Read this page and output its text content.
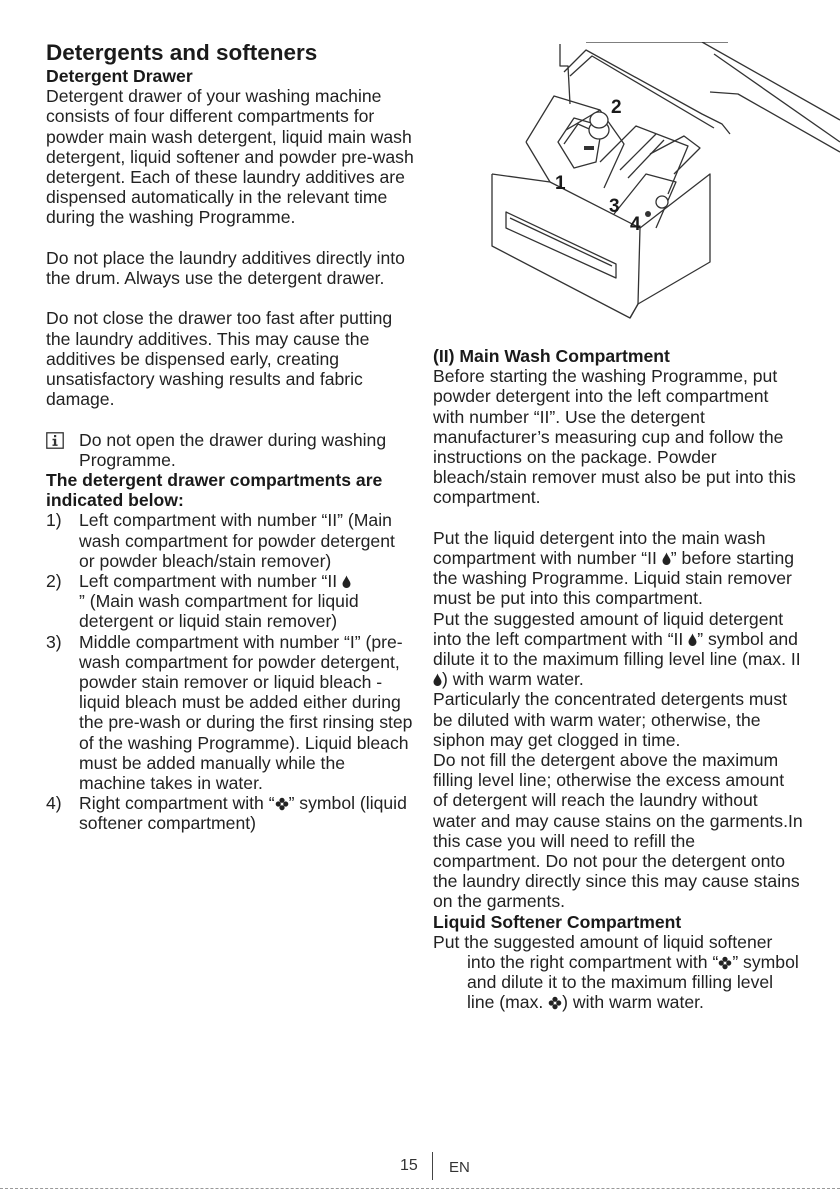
Detergents and softeners
Detergent Drawer

Detergent drawer of your washing machine consists of four different compartments for powder main wash detergent, liquid main wash detergent, liquid softener and powder pre-wash detergent. Each of these laundry additives are dispensed automatically in the relevant time during the washing Programme.

Do not place the laundry additives directly into the drum. Always use the detergent drawer.

Do not close the drawer too fast after putting the laundry additives. This may cause the additives be dispensed early, creating unsatisfactory washing results and fabric damage.

Do not open the drawer during washing Programme.
The detergent drawer compartments are indicated below:
1) Left compartment with number “II” (Main wash compartment for powder detergent or powder bleach/stain remover)
2) Left compartment with number “II
” (Main wash compartment for liquid detergent or liquid stain remover)
3) Middle compartment with number “I” (pre-wash compartment for powder detergent, powder stain remover or liquid bleach - liquid bleach must be added either during the pre-wash or during the first rinsing step of the washing Programme). Liquid bleach must be added manually while the machine takes in water.
4) Right compartment with “ ” symbol (liquid softener compartment)
2
1
3
4
(II) Main Wash Compartment

Before starting the washing Programme, put powder detergent into the left compartment with number “II”. Use the detergent manufacturer’s measuring cup and follow the instructions on the package. Powder bleach/stain remover must also be put into this compartment.

Put the liquid detergent into the main wash compartment with number “II ” before starting the washing Programme. Liquid stain remover must be put into this compartment.

Put the suggested amount of liquid detergent into the left compartment with “II ” symbol and dilute it to the maximum filling level line (max. II ) with warm water.

Particularly the concentrated detergents must be diluted with warm water; otherwise, the siphon may get clogged in time.

Do not fill the detergent above the maximum filling level line; otherwise the excess amount of detergent will reach the laundry without water and may cause stains on the garments.In this case you will need to refill the compartment. Do not pour the detergent onto the laundry directly since this may cause stains on the garments.

Liquid Softener Compartment

Put the suggested amount of liquid softener into the right compartment with “ ” symbol and dilute it to the maximum filling level line (max. ) with warm water.

15 EN
